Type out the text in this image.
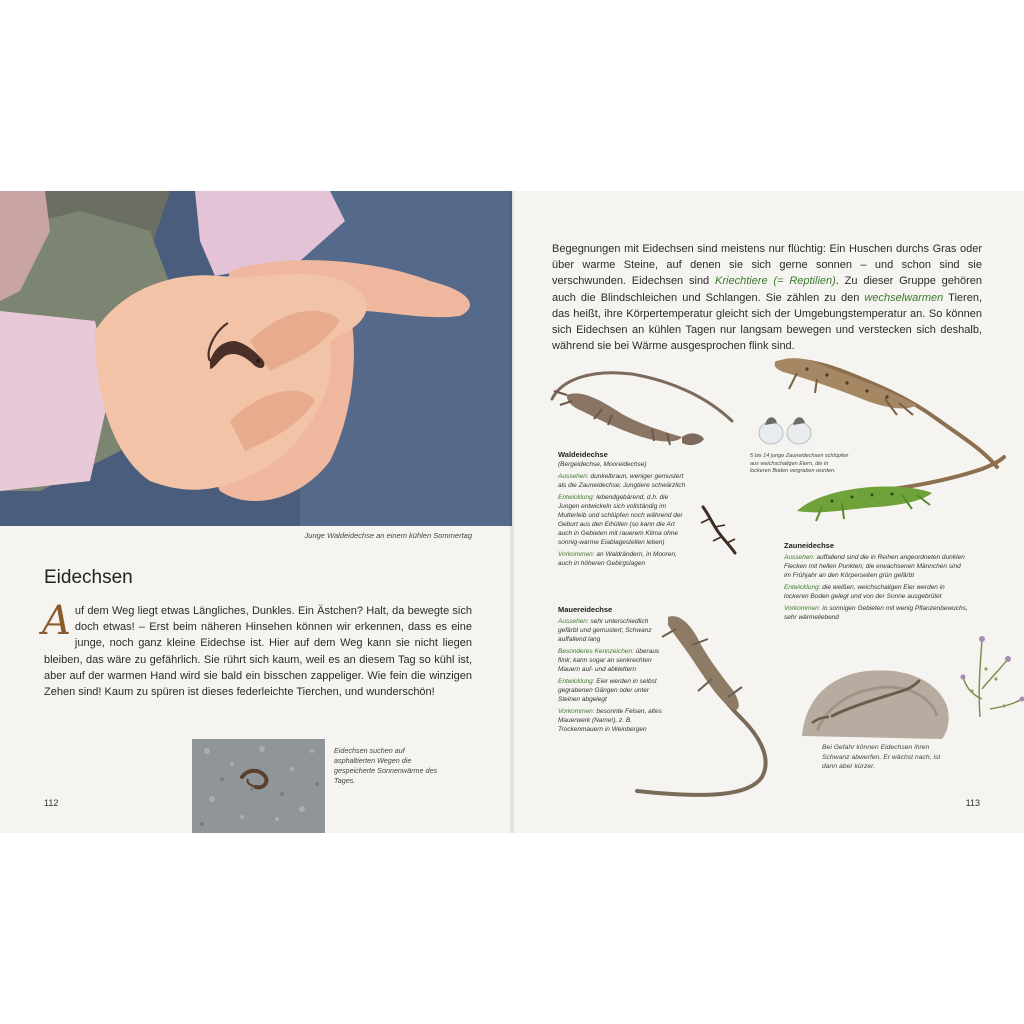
Junge Waldeidechse an einem kühlen Sommertag
Eidechsen
Auf dem Weg liegt etwas Längliches, Dunkles. Ein Ästchen? Halt, da bewegte sich doch etwas! – Erst beim näheren Hinsehen können wir erkennen, dass es eine junge, noch ganz kleine Eidechse ist. Hier auf dem Weg kann sie nicht liegen bleiben, das wäre zu gefährlich. Sie rührt sich kaum, weil es an diesem Tag so kühl ist, aber auf der warmen Hand wird sie bald ein bisschen zappeliger. Wie fein die winzigen Zehen sind! Kaum zu spüren ist dieses federleichte Tierchen, und wunderschön!
Eidechsen suchen auf asphaltierten Wegen die gespeicherte Sonnenwärme des Tages.
112
Begegnungen mit Eidechsen sind meistens nur flüchtig: Ein Huschen durchs Gras oder über warme Steine, auf denen sie sich gerne sonnen – und schon sind sie verschwunden. Eidechsen sind Kriechtiere (= Reptilien). Zu dieser Gruppe gehören auch die Blindschleichen und Schlangen. Sie zählen zu den wechselwarmen Tieren, das heißt, ihre Körpertemperatur gleicht sich der Umgebungstemperatur an. So können sich Eidechsen an kühlen Tagen nur langsam bewegen und verstecken sich deshalb, während sie bei Wärme ausgesprochen flink sind.
5 bis 14 junge Zauneidechsen schlüpfen aus weichschaligen Eiern, die in lockeren Boden vergraben wurden.
Bei Gefahr können Eidechsen ihren Schwanz abwerfen. Er wächst nach, ist dann aber kürzer.
Waldeidechse

(Bergeidechse, Mooreidechse)

Aussehen: dunkelbraun, weniger gemustert als die Zauneidechse; Jungtiere schwärzlich

Entwicklung: lebendgebärend, d.h. die Jungen entwickeln sich vollständig im Mutterleib und schlüpfen noch während der Geburt aus den Eihüllen (so kann die Art auch in Gebieten mit rauerem Klima ohne sonnig-warme Eiablagestellen leben)

Vorkommen: an Waldrändern, in Mooren, auch in höheren Gebirgslagen

Zauneidechse

Aussehen: auffallend sind die in Reihen angeordneten dunklen Flecken mit hellen Punkten; die erwachsenen Männchen sind im Frühjahr an den Körperseiten grün gefärbt

Entwicklung: die weißen, weichschaligen Eier werden in lockeren Boden gelegt und von der Sonne ausgebrütet

Vorkommen: in sonnigen Gebieten mit wenig Pflanzenbewuchs, sehr wärmeliebend

Mauereidechse

Aussehen: sehr unterschiedlich gefärbt und gemustert; Schwanz auffallend lang

Besonderes Kennzeichen: überaus flink; kann sogar an senkrechten Mauern auf- und abklettern

Entwicklung: Eier werden in selbst gegrabenen Gängen oder unter Steinen abgelegt

Vorkommen: besonnte Felsen, altes Mauerwerk (Name!), z. B. Trockenmauern in Weinbergen

113
